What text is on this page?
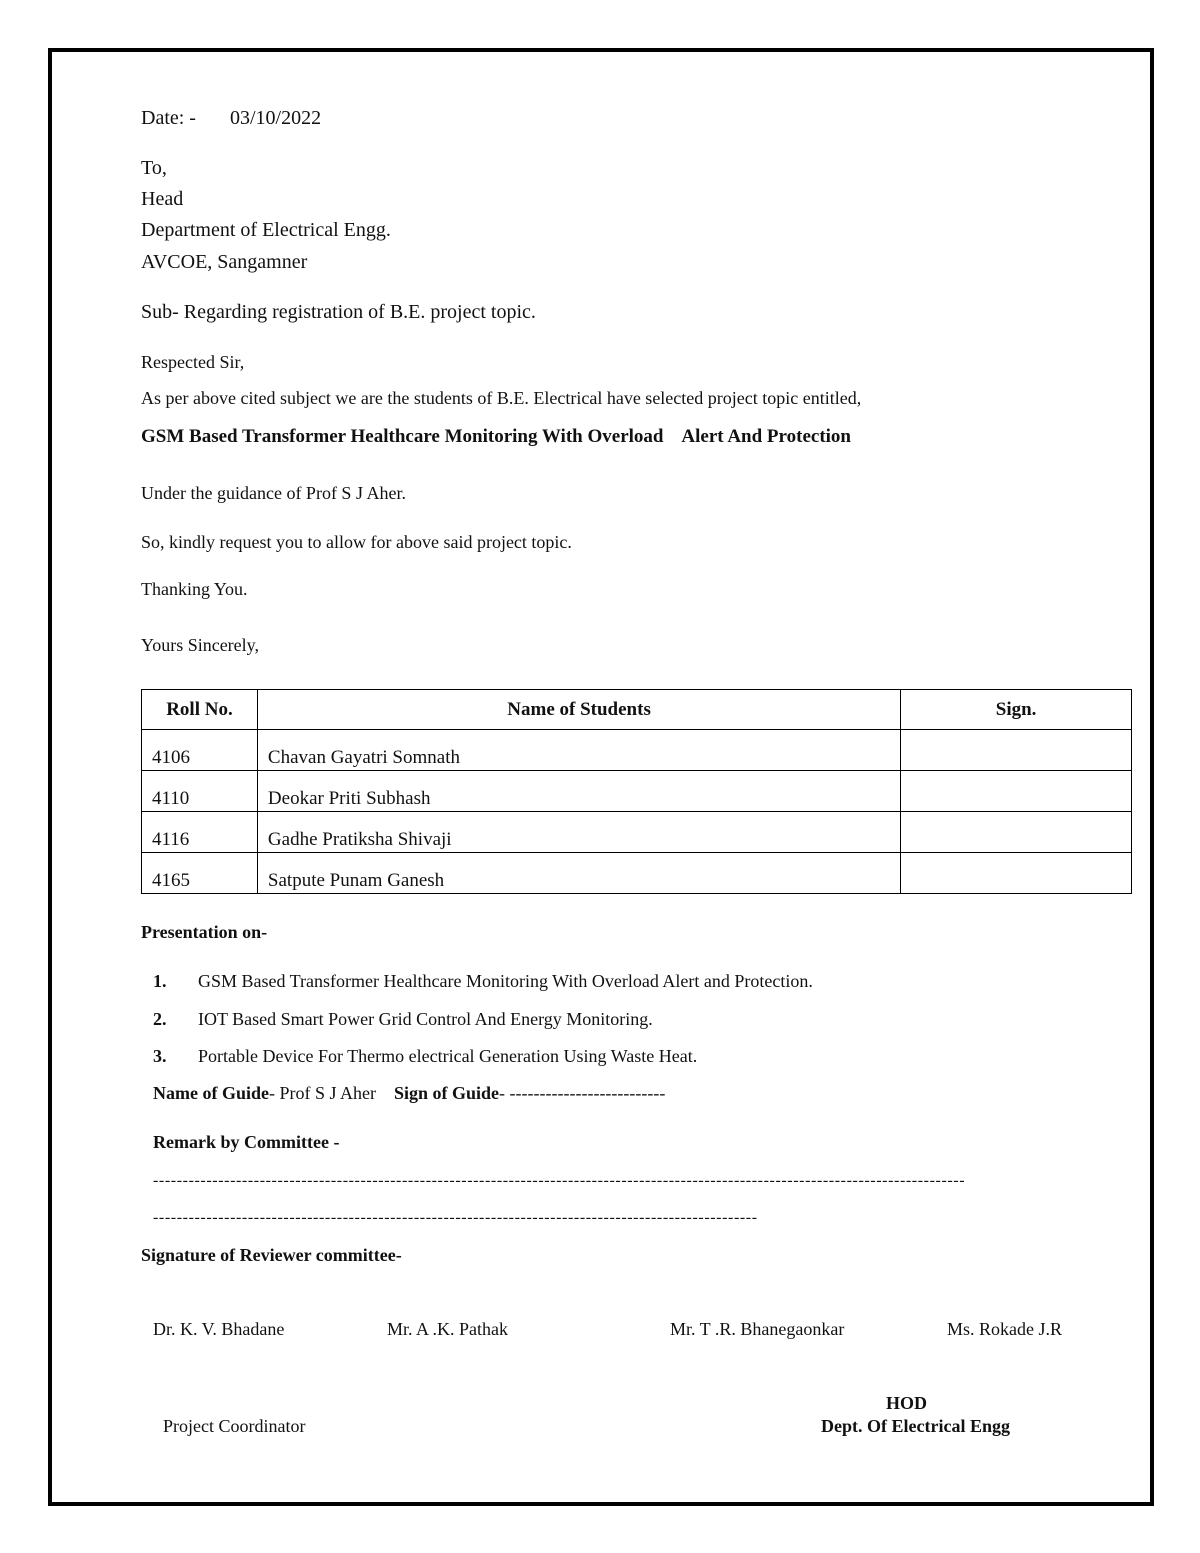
Date: - 03/10/2022
To,
Head
Department of Electrical Engg.
AVCOE, Sangamner
Sub- Regarding registration of B.E. project topic.
Respected Sir,
As per above cited subject we are the students of B.E. Electrical have selected project topic entitled,
GSM Based Transformer Healthcare Monitoring With Overload    Alert And Protection
Under the guidance of Prof S J Aher.
So, kindly request you to allow for above said project topic.
Thanking You.
Yours Sincerely,
Roll No.	Name of Students	Sign.
4106	Chavan Gayatri Somnath	
4110	Deokar Priti Subhash	
4116	Gadhe Pratiksha Shivaji	
4165	Satpute Punam Ganesh	
Presentation on-
1. GSM Based Transformer Healthcare Monitoring With Overload Alert and Protection.
2. IOT Based Smart Power Grid Control And Energy Monitoring.
3. Portable Device For Thermo electrical Generation Using Waste Heat.
Name of Guide- Prof S J Aher Sign of Guide- --------------------------
Remark by Committee -
-----------------------------------------------------------------------------------------------------------------------------------------
------------------------------------------------------------------------------------------------------
Signature of Reviewer committee-
Dr. K. V. Bhadane	Mr. A .K. Pathak	Mr. T .R. Bhanegaonkar	Ms. Rokade J.R
Project Coordinator
HOD
Dept. Of Electrical Engg
